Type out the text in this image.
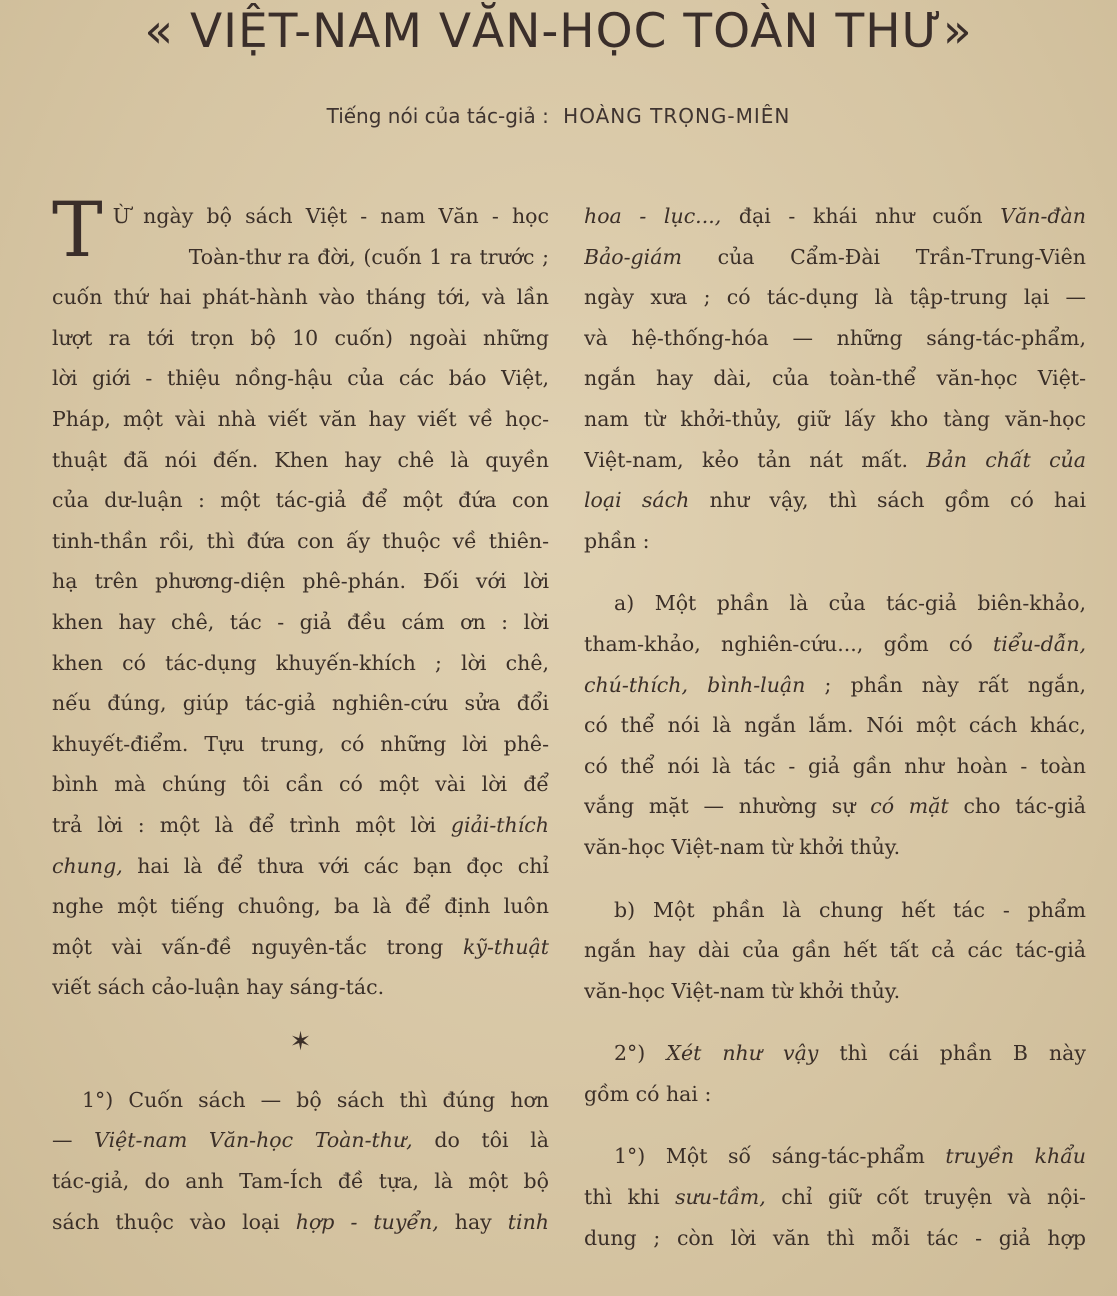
« VIỆT-NAM VĂN-HỌC TOÀN THƯ»
Tiếng nói của tác-giả : HOÀNG TRỌNG-MIÊN
T Ừ ngày bộ sách Việt - nam Văn - học
Toàn-thư ra đời, (cuốn 1 ra trước ;
cuốn thứ hai phát-hành vào tháng tới, và lần
lượt ra tới trọn bộ 10 cuốn) ngoài những
lời giới - thiệu nồng-hậu của các báo Việt,
Pháp, một vài nhà viết văn hay viết về học-
thuật đã nói đến. Khen hay chê là quyền
của dư-luận : một tác-giả để một đứa con
tinh-thần rồi, thì đứa con ấy thuộc về thiên-
hạ trên phương-diện phê-phán. Đối với lời
khen hay chê, tác - giả đều cám ơn : lời
khen có tác-dụng khuyến-khích ; lời chê,
nếu đúng, giúp tác-giả nghiên-cứu sửa đổi
khuyết-điểm. Tựu trung, có những lời phê-
bình mà chúng tôi cần có một vài lời để
trả lời : một là để trình một lời giải-thích
chung, hai là để thưa với các bạn đọc chỉ
nghe một tiếng chuông, ba là để định luôn
một vài vấn-đề nguyên-tắc trong kỹ-thuật
viết sách cảo-luận hay sáng-tác.
✶
1°) Cuốn sách — bộ sách thì đúng hơn
— Việt-nam Văn-học Toàn-thư, do tôi là
tác-giả, do anh Tam-Ích đề tựa, là một bộ
sách thuộc vào loại hợp - tuyển, hay tinh
hoa - lục..., đại - khái như cuốn Văn-đàn
Bảo-giám của Cẩm-Đài Trần-Trung-Viên
ngày xưa ; có tác-dụng là tập-trung lại —
và hệ-thống-hóa — những sáng-tác-phẩm,
ngắn hay dài, của toàn-thể văn-học Việt-
nam từ khởi-thủy, giữ lấy kho tàng văn-học
Việt-nam, kẻo tản nát mất. Bản chất của
loại sách như vậy, thì sách gồm có hai
phần :
a) Một phần là của tác-giả biên-khảo,
tham-khảo, nghiên-cứu..., gồm có tiểu-dẫn,
chú-thích, bình-luận ; phần này rất ngắn,
có thể nói là ngắn lắm. Nói một cách khác,
có thể nói là tác - giả gần như hoàn - toàn
vắng mặt — nhường sự có mặt cho tác-giả
văn-học Việt-nam từ khởi thủy.
b) Một phần là chung hết tác - phẩm
ngắn hay dài của gần hết tất cả các tác-giả
văn-học Việt-nam từ khởi thủy.
2°) Xét như vậy thì cái phần B này
gồm có hai :
1°) Một số sáng-tác-phẩm truyền khẩu
thì khi sưu-tầm, chỉ giữ cốt truyện và nội-
dung ; còn lời văn thì mỗi tác - giả hợp
